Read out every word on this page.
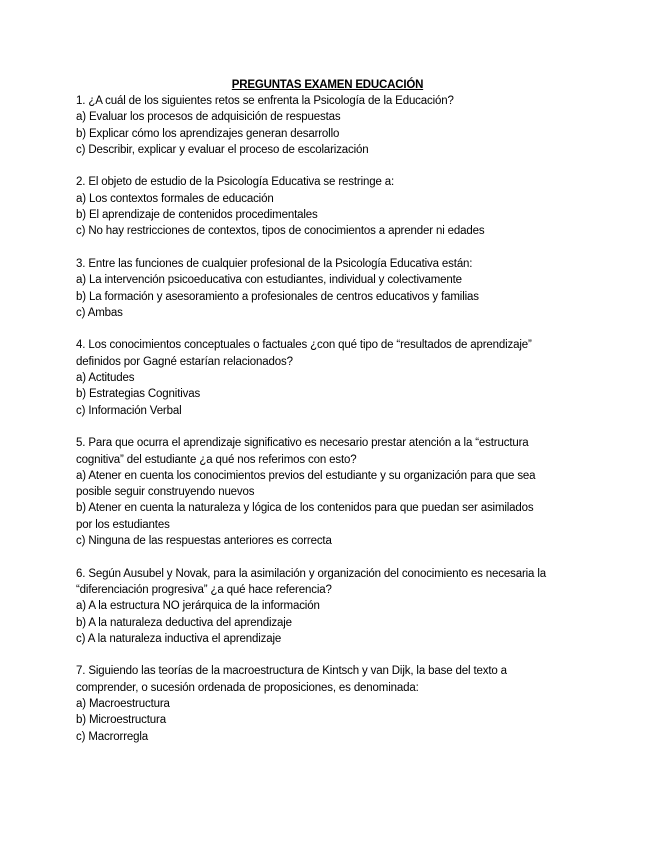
PREGUNTAS EXAMEN EDUCACIÓN
1. ¿A cuál de los siguientes retos se enfrenta la Psicología de la Educación?
a) Evaluar los procesos de adquisición de respuestas
b) Explicar cómo los aprendizajes generan desarrollo
c) Describir, explicar y evaluar el proceso de escolarización
2. El objeto de estudio de la Psicología Educativa se restringe a:
a) Los contextos formales de educación
b) El aprendizaje de contenidos procedimentales
c) No hay restricciones de contextos, tipos de conocimientos a aprender ni edades
3. Entre las funciones de cualquier profesional de la Psicología Educativa están:
a) La intervención psicoeducativa con estudiantes, individual y colectivamente
b) La formación y asesoramiento a profesionales de centros educativos y familias
c) Ambas
4. Los conocimientos conceptuales o factuales ¿con qué tipo de “resultados de aprendizaje”
definidos por Gagné estarían relacionados?
a) Actitudes
b) Estrategias Cognitivas
c) Información Verbal
5. Para que ocurra el aprendizaje significativo es necesario prestar atención a la “estructura
cognitiva” del estudiante ¿a qué nos referimos con esto?
a) Atener en cuenta los conocimientos previos del estudiante y su organización para que sea
posible seguir construyendo nuevos
b) Atener en cuenta la naturaleza y lógica de los contenidos para que puedan ser asimilados
por los estudiantes
c) Ninguna de las respuestas anteriores es correcta
6. Según Ausubel y Novak, para la asimilación y organización del conocimiento es necesaria la
“diferenciación progresiva” ¿a qué hace referencia?
a) A la estructura NO jerárquica de la información
b) A la naturaleza deductiva del aprendizaje
c) A la naturaleza inductiva el aprendizaje
7. Siguiendo las teorías de la macroestructura de Kintsch y van Dijk, la base del texto a
comprender, o sucesión ordenada de proposiciones, es denominada:
a) Macroestructura
b) Microestructura
c) Macrorregla
